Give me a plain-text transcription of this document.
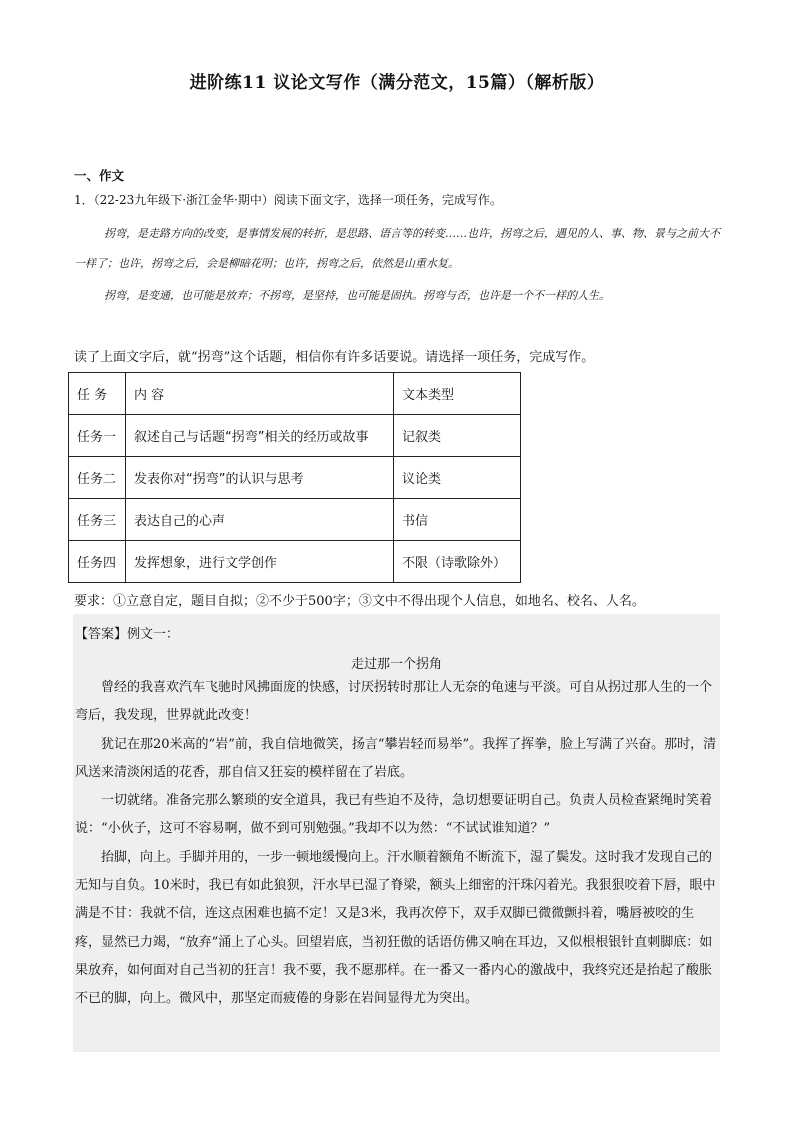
进阶练11 议论文写作（满分范文，15篇）（解析版）
一、作文
1．（22-23九年级下·浙江金华·期中）阅读下面文字，选择一项任务，完成写作。

拐弯，是走路方向的改变，是事情发展的转折，是思路、语言等的转变……也许，拐弯之后，遇见的人、事、物、景与之前大不一样了；也许，拐弯之后，会是柳暗花明；也许，拐弯之后，依然是山重水复。

拐弯，是变通，也可能是放弃；不拐弯，是坚持，也可能是固执。拐弯与否，也许是一个不一样的人生。

读了上面文字后，就“拐弯”这个话题，相信你有许多话要说。请选择一项任务，完成写作。
任 务	内 容	文本类型
任务一	叙述自己与话题“拐弯”相关的经历或故事	记叙类
任务二	发表你对“拐弯”的认识与思考	议论类
任务三	表达自己的心声	书信
任务四	发挥想象，进行文学创作	不限（诗歌除外）
要求：①立意自定，题目自拟；②不少于500字；③文中不得出现个人信息，如地名、校名、人名。
【答案】例文一：
走过那一个拐角

曾经的我喜欢汽车飞驰时风拂面庞的快感，讨厌拐转时那让人无奈的龟速与平淡。可自从拐过那人生的一个弯后，我发现，世界就此改变！

犹记在那20米高的“岩”前，我自信地微笑，扬言“攀岩轻而易举”。我挥了挥拳，脸上写满了兴奋。那时，清风送来清淡闲适的花香，那自信又狂妄的模样留在了岩底。

一切就绪。准备完那么繁琐的安全道具，我已有些迫不及待，急切想要证明自己。负责人员检查紧绳时笑着说：“小伙子，这可不容易啊，做不到可别勉强。”我却不以为然：“不试试谁知道？”

抬脚，向上。手脚并用的，一步一顿地缓慢向上。汗水顺着额角不断流下，湿了鬓发。这时我才发现自己的无知与自负。10米时，我已有如此狼狈，汗水早已湿了脊梁，额头上细密的汗珠闪着光。我狠狠咬着下唇，眼中满是不甘：我就不信，连这点困难也搞不定！又是3米，我再次停下，双手双脚已微微颤抖着，嘴唇被咬的生疼，显然已力竭，“放弃”涌上了心头。回望岩底，当初狂傲的话语仿佛又响在耳边，又似根根银针直刺脚底：如果放弃，如何面对自己当初的狂言！我不要，我不愿那样。在一番又一番内心的激战中，我终究还是抬起了酸胀不已的脚，向上。微风中，那坚定而疲倦的身影在岩间显得尤为突出。
